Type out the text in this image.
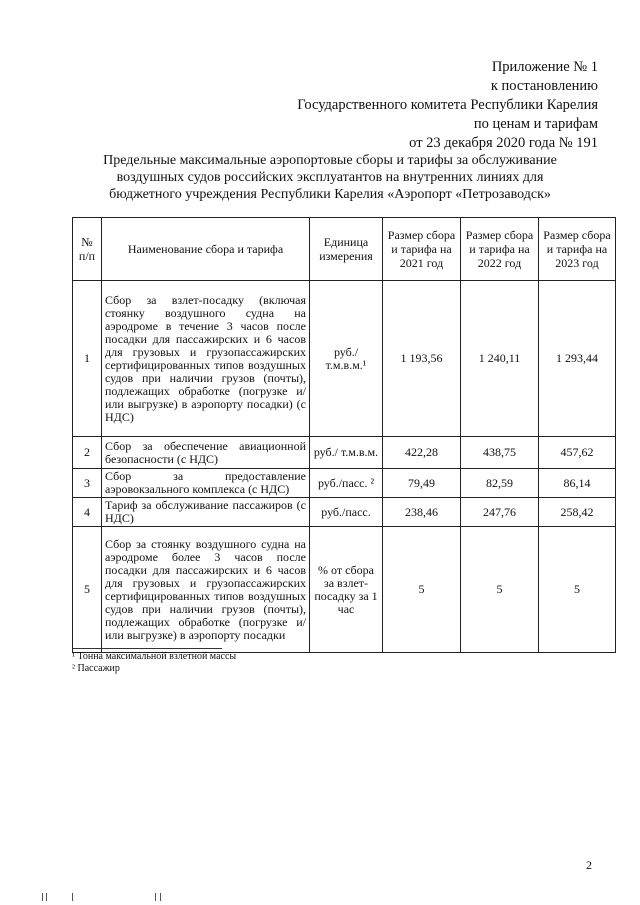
Приложение № 1
к постановлению
Государственного комитета Республики Карелия
по ценам и тарифам
от 23 декабря 2020 года № 191
Предельные максимальные аэропортовые сборы и тарифы за обслуживание
воздушных судов российских эксплуатантов на внутренних линиях для
бюджетного учреждения Республики Карелия «Аэропорт «Петрозаводск»
№ п/п	Наименование сбора и тарифа	Единица измерения	Размер сбора и тарифа на 2021 год	Размер сбора и тарифа на 2022 год	Размер сбора и тарифа на 2023 год
1	Сбор за взлет-посадку (включая стоянку воздушного судна на аэродроме в течение 3 часов после посадки для пассажирских и 6 часов для грузовых и грузопассажирских сертифицированных типов воздушных судов при наличии грузов (почты), подлежащих обработке (погрузке и/или выгрузке) в аэропорту посадки) (с НДС)	руб./ т.м.в.м.¹	1 193,56	1 240,11	1 293,44
2	Сбор за обеспечение авиационной безопасности (с НДС)	руб./ т.м.в.м.	422,28	438,75	457,62
3	Сбор за предоставление аэровокзального комплекса (с НДС)	руб./пасс. ²	79,49	82,59	86,14
4	Тариф за обслуживание пассажиров (с НДС)	руб./пасс.	238,46	247,76	258,42
5	Сбор за стоянку воздушного судна на аэродроме более 3 часов после посадки для пассажирских и 6 часов для грузовых и грузопассажирских сертифицированных типов воздушных судов при наличии грузов (почты), подлежащих обработке (погрузке и/или выгрузке) в аэропорту посадки	% от сбора за взлет-посадку за 1 час	5	5	5
¹ Тонна максимальной взлетной массы
² Пассажир
2
